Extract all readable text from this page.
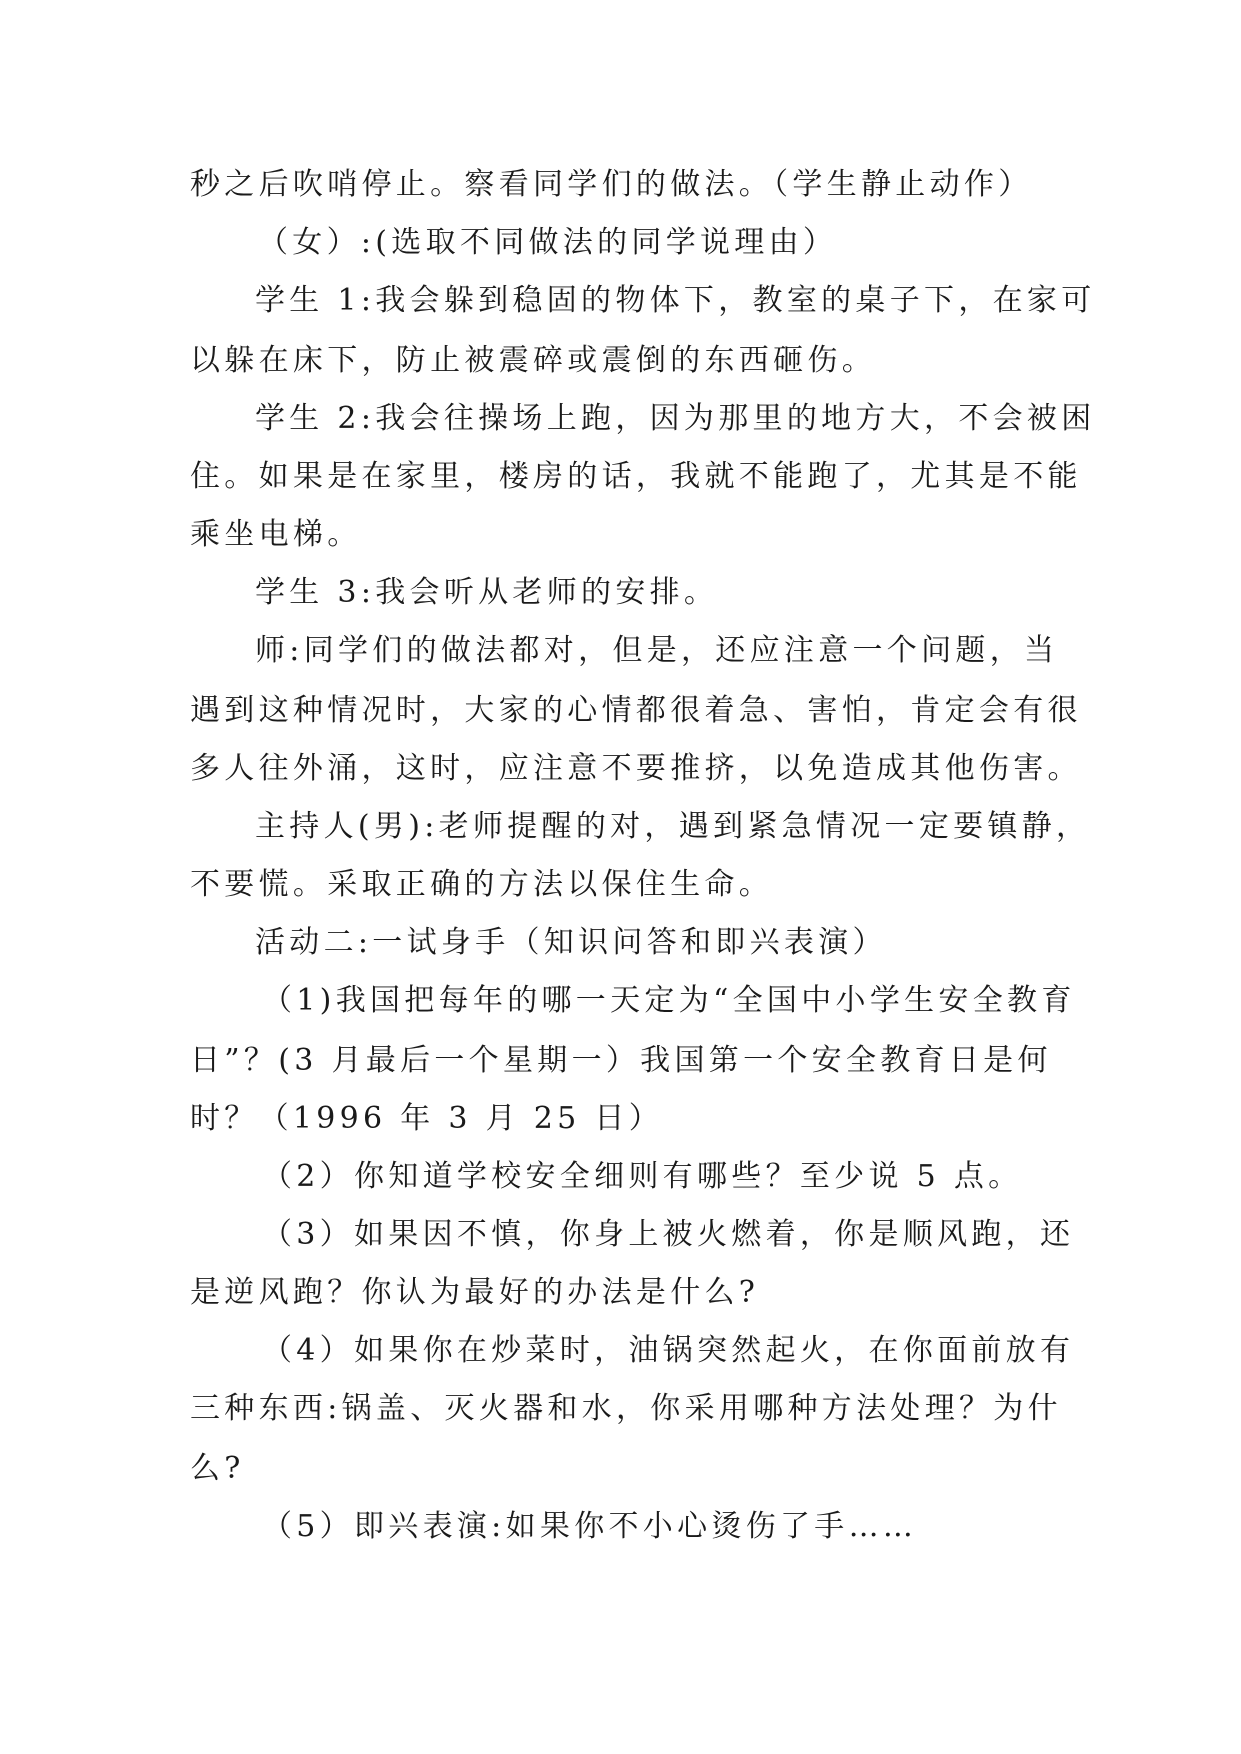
秒之后吹哨停止。察看同学们的做法。（学生静止动作）
（女）:(选取不同做法的同学说理由）
学生 1:我会躲到稳固的物体下，教室的桌子下，在家可
以躲在床下，防止被震碎或震倒的东西砸伤。
学生 2:我会往操场上跑，因为那里的地方大，不会被困
住。如果是在家里，楼房的话，我就不能跑了，尤其是不能
乘坐电梯。
学生 3:我会听从老师的安排。
师:同学们的做法都对，但是，还应注意一个问题，当
遇到这种情况时，大家的心情都很着急、害怕，肯定会有很
多人往外涌，这时，应注意不要推挤，以免造成其他伤害。
主持人(男):老师提醒的对，遇到紧急情况一定要镇静，
不要慌。采取正确的方法以保住生命。
活动二:一试身手（知识问答和即兴表演）
（1)我国把每年的哪一天定为“全国中小学生安全教育
日”？(3 月最后一个星期一）我国第一个安全教育日是何
时？（1996 年 3 月 25 日）
（2）你知道学校安全细则有哪些？至少说 5 点。
（3）如果因不慎，你身上被火燃着，你是顺风跑，还
是逆风跑？你认为最好的办法是什么?
（4）如果你在炒菜时，油锅突然起火，在你面前放有
三种东西:锅盖、灭火器和水，你采用哪种方法处理？为什
么?
（5）即兴表演:如果你不小心烫伤了手……
